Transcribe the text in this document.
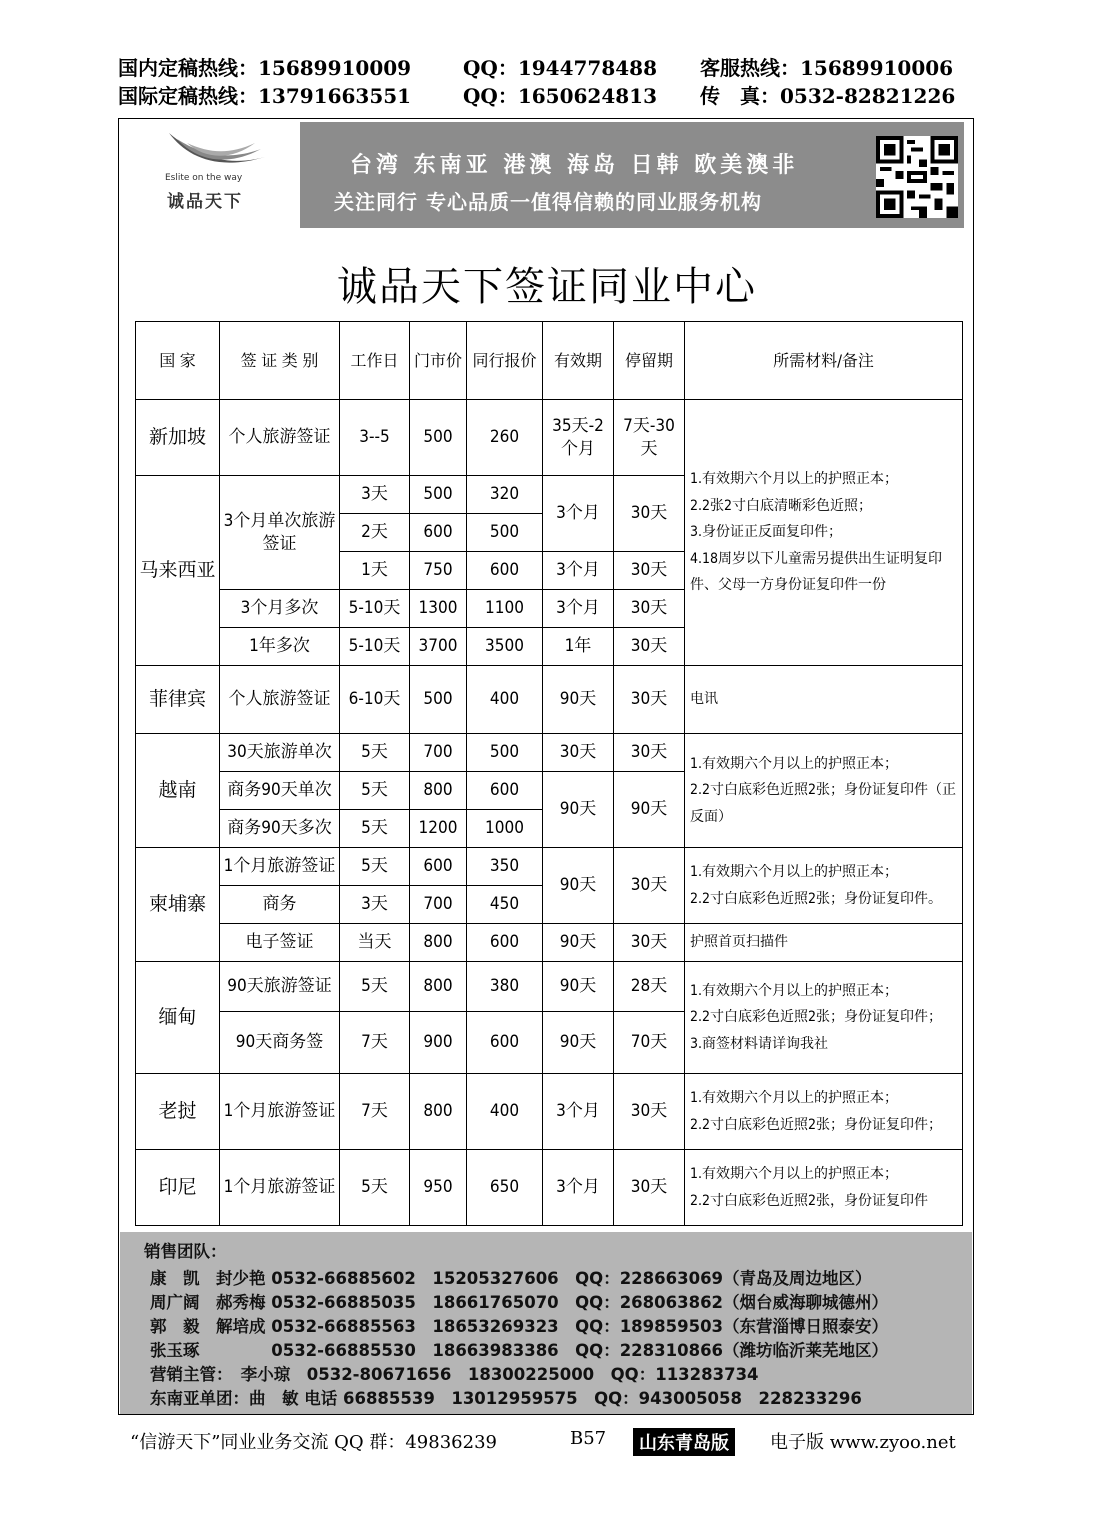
国内定稿热线：15689910009	QQ：1944778488 客服热线：15689910006
国际定稿热线：13791663551	QQ：1650624813 传　真：0532-82821226
Eslite on the way
诚品天下
台湾 东南亚 港澳 海岛 日韩 欧美澳非
关注同行 专心品质一值得信赖的同业服务机构
诚品天下签证同业中心
国 家	签 证 类 别	工作日	门市价	同行报价	有效期	停留期	所需材料/备注
新加坡	个人旅游签证	3--5	500	260	35天-2个月	7天-30天	1.有效期六个月以上的护照正本；
2.2张2寸白底清晰彩色近照；
3.身份证正反面复印件；
4.18周岁以下儿童需另提供出生证明复印件、父母一方身份证复印件一份
马来西亚	3个月单次旅游签证	3天	500	320	3个月	30天	
		2天	600	500			
		1天	750	600	3个月	30天	
	3个月多次	5-10天	1300	1100	3个月	30天	
	1年多次	5-10天	3700	3500	1年	30天	
菲律宾	个人旅游签证	6-10天	500	400	90天	30天	电讯
越南	30天旅游单次	5天	700	500	30天	30天	1.有效期六个月以上的护照正本；
2.2寸白底彩色近照2张；身份证复印件（正反面）
	商务90天单次	5天	800	600	90天	90天	
	商务90天多次	5天	1200	1000			
柬埔寨	1个月旅游签证	5天	600	350	90天	30天	1.有效期六个月以上的护照正本；
2.2寸白底彩色近照2张；身份证复印件。
	商务	3天	700	450			
	电子签证	当天	800	600	90天	30天	护照首页扫描件
缅甸	90天旅游签证	5天	800	380	90天	28天	1.有效期六个月以上的护照正本；
2.2寸白底彩色近照2张；身份证复印件；
3.商签材料请详询我社
	90天商务签	7天	900	600	90天	70天	
老挝	1个月旅游签证	7天	800	400	3个月	30天	1.有效期六个月以上的护照正本；
2.2寸白底彩色近照2张；身份证复印件；
印尼	1个月旅游签证	5天	950	650	3个月	30天	1.有效期六个月以上的护照正本；
2.2寸白底彩色近照2张，身份证复印件
销售团队：
康　凯　封少艳 0532-66885602　15205327606　QQ：228663069（青岛及周边地区）
周广阔　郝秀梅 0532-66885035　18661765070　QQ：268063862（烟台威海聊城德州）
郭　毅　解培成 0532-66885563　18653269323　QQ：189859503（东营淄博日照泰安）
张玉琢　　　　 0532-66885530　18663983386　QQ：228310866（潍坊临沂莱芜地区）
营销主管：　李小琼　0532-80671656　18300225000　QQ：113283734
东南亚单团：曲　敏 电话 66885539　13012959575　QQ：943005058　228233296
“信游天下”同业业务交流 QQ 群：49836239	B57	山东青岛版	电子版 www.zyoo.net
